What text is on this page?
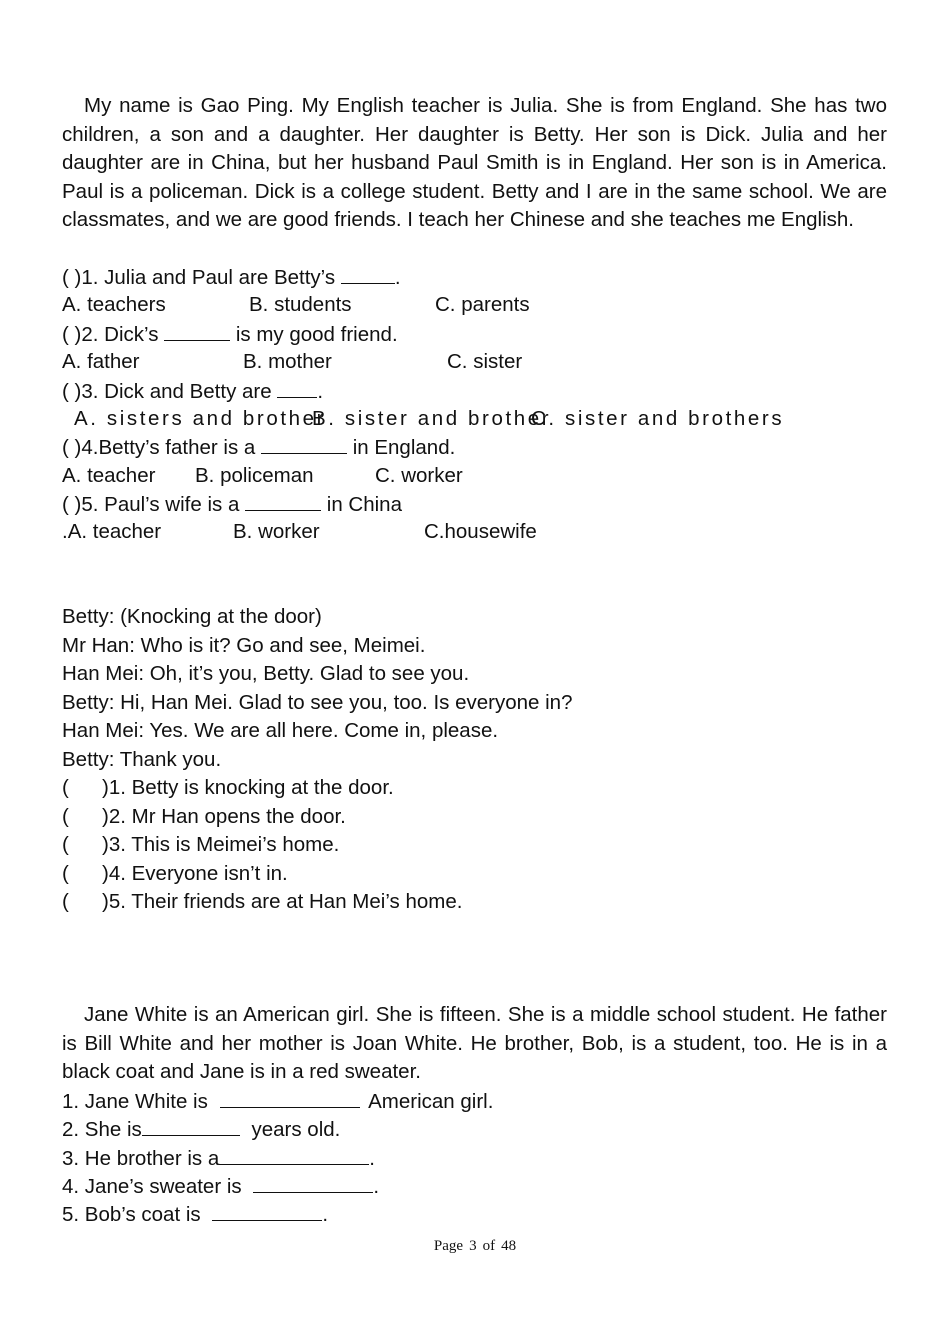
My name is Gao Ping. My English teacher is Julia. She is from England. She has two children, a son and a daughter. Her daughter is Betty. Her son is Dick. Julia and her daughter are in China, but her husband Paul Smith is in England. Her son is in America. Paul is a policeman. Dick is a college student. Betty and I are in the same school. We are classmates, and we are good friends. I teach her Chinese and she teaches me English.

( )1. Julia and Paul are Betty’s	.
A. teachers	B. students	C. parents
( )2. Dick’s	is my good friend.
A. father	B. mother	C. sister
( )3. Dick and Betty are .
A. sisters and brother
B. sister and brother
C. sister and brothers
( )4.Betty’s father is a	in England.
A. teacher B. policeman	C. worker
( )5. Paul’s wife is a	in China
.A. teacher	B. worker	C.housewife
Betty: (Knocking at the door)
Mr Han: Who is it? Go and see, Meimei.
Han Mei: Oh, it’s you, Betty. Glad to see you.
Betty: Hi, Han Mei. Glad to see you, too. Is everyone in?
Han Mei: Yes. We are all here. Come in, please.
Betty: Thank you.
( )1. Betty is knocking at the door.
( )2. Mr Han opens the door.
( )3. This is Meimei’s home.
( )4. Everyone isn’t in.
( )5. Their friends are at Han Mei’s home.

Jane White is an American girl. She is fifteen. She is a middle school student. He father is Bill White and her mother is Joan White. He brother, Bob, is a student, too. He is in a black coat and Jane is in a red sweater.

1. Jane White is	American girl.
2. She is	years old.
3. He brother is a	.
4. Jane’s sweater is	.
5. Bob’s coat is	.
Page 3 of 48
